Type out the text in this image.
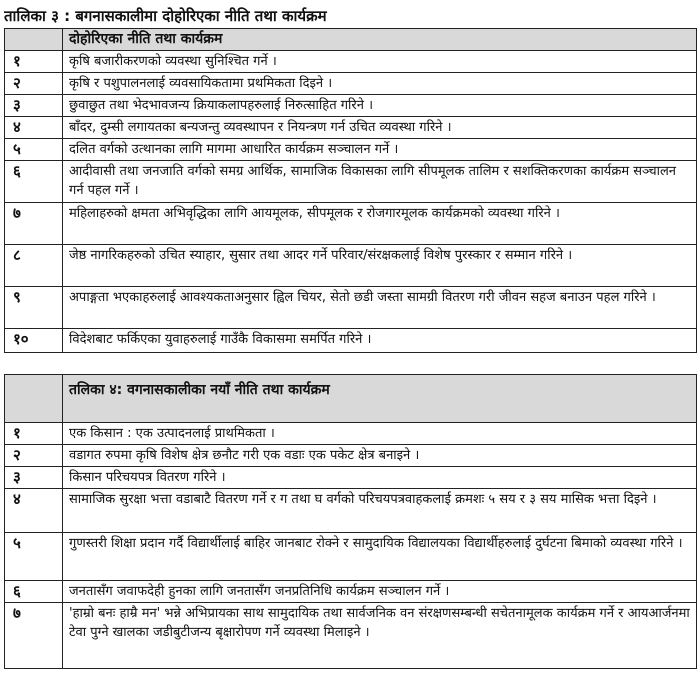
तालिका ३ : बगनासकालीमा दोहोरिएका नीति तथा कार्यक्रम
	दोहोरिएका नीति तथा कार्यक्रम
१	कृषि बजारीकरणको व्यवस्था सुनिश्चित गर्ने ।
२	कृषि र पशुपालनलाई व्यवसायिकतामा प्रथमिकता दिइने ।
३	छुवाछुत तथा भेदभावजन्य क्रियाकलापहरुलाई निरुत्साहित गरिने ।
४	बाँदर, दुम्सी लगायतका बन्यजन्तु व्यवस्थापन र नियन्त्रण गर्न उचित व्यवस्था गरिने ।
५	दलित वर्गको उत्थानका लागि मागमा आधारित कार्यक्रम सञ्चालन गर्ने ।
६	आदीवासी तथा जनजाति वर्गको समग्र आर्थिक, सामाजिक विकासका लागि सीपमूलक तालिम र सशक्तिकरणका कार्यक्रम सञ्चालन गर्न पहल गर्ने ।
७	महिलाहरुको क्षमता अभिवृद्धिका लागि आयमूलक, सीपमूलक र रोजगारमूलक कार्यक्रमको व्यवस्था गरिने ।
८	जेष्ठ नागरिकहरुको उचित स्याहार, सुसार तथा आदर गर्ने परिवार/संरक्षकलाई विशेष पुरस्कार र सम्मान गरिने ।
९	अपाङ्गता भएकाहरुलाई आवश्यकताअनुसार ह्विल चियर, सेतो छडी जस्ता सामग्री वितरण गरी जीवन सहज बनाउन पहल गरिने ।
१०	विदेशबाट फर्किएका युवाहरुलाई गाउँकै विकासमा समर्पित गरिने ।
	तलिका ४: वगनासकालीका नयाँ नीति तथा कार्यक्रम
१	एक किसान : एक उत्पादनलाई प्राथमिकता ।
२	वडागत रुपमा कृषि विशेष क्षेत्र छनौट गरी एक वडाः एक पकेट क्षेत्र बनाइने ।
३	किसान परिचयपत्र वितरण गरिने ।
४	सामाजिक सुरक्षा भत्ता वडाबाटै वितरण गर्ने र ग तथा घ वर्गको परिचयपत्रवाहकलाई क्रमशः ५ सय र ३ सय मासिक भत्ता दिइने ।
५	गुणस्तरी शिक्षा प्रदान गर्दै विद्यार्थीलाई बाहिर जानबाट रोक्ने र सामुदायिक विद्यालयका विद्यार्थीहरुलाई दुर्घटना बिमाको व्यवस्था गरिने ।
६	जनतासँग जवाफदेही हुनका लागि जनतासँग जनप्रतिनिधि कार्यक्रम सञ्चालन गर्ने ।
७	'हाम्रो बनः हाम्रै मन' भन्ने अभिप्रायका साथ सामुदायिक तथा सार्वजनिक वन संरक्षणसम्बन्धी सचेतनामूलक कार्यक्रम गर्ने र आयआर्जनमा टेवा पुग्ने खालका जडीबुटीजन्य बृक्षारोपण गर्ने व्यवस्था मिलाइने ।
